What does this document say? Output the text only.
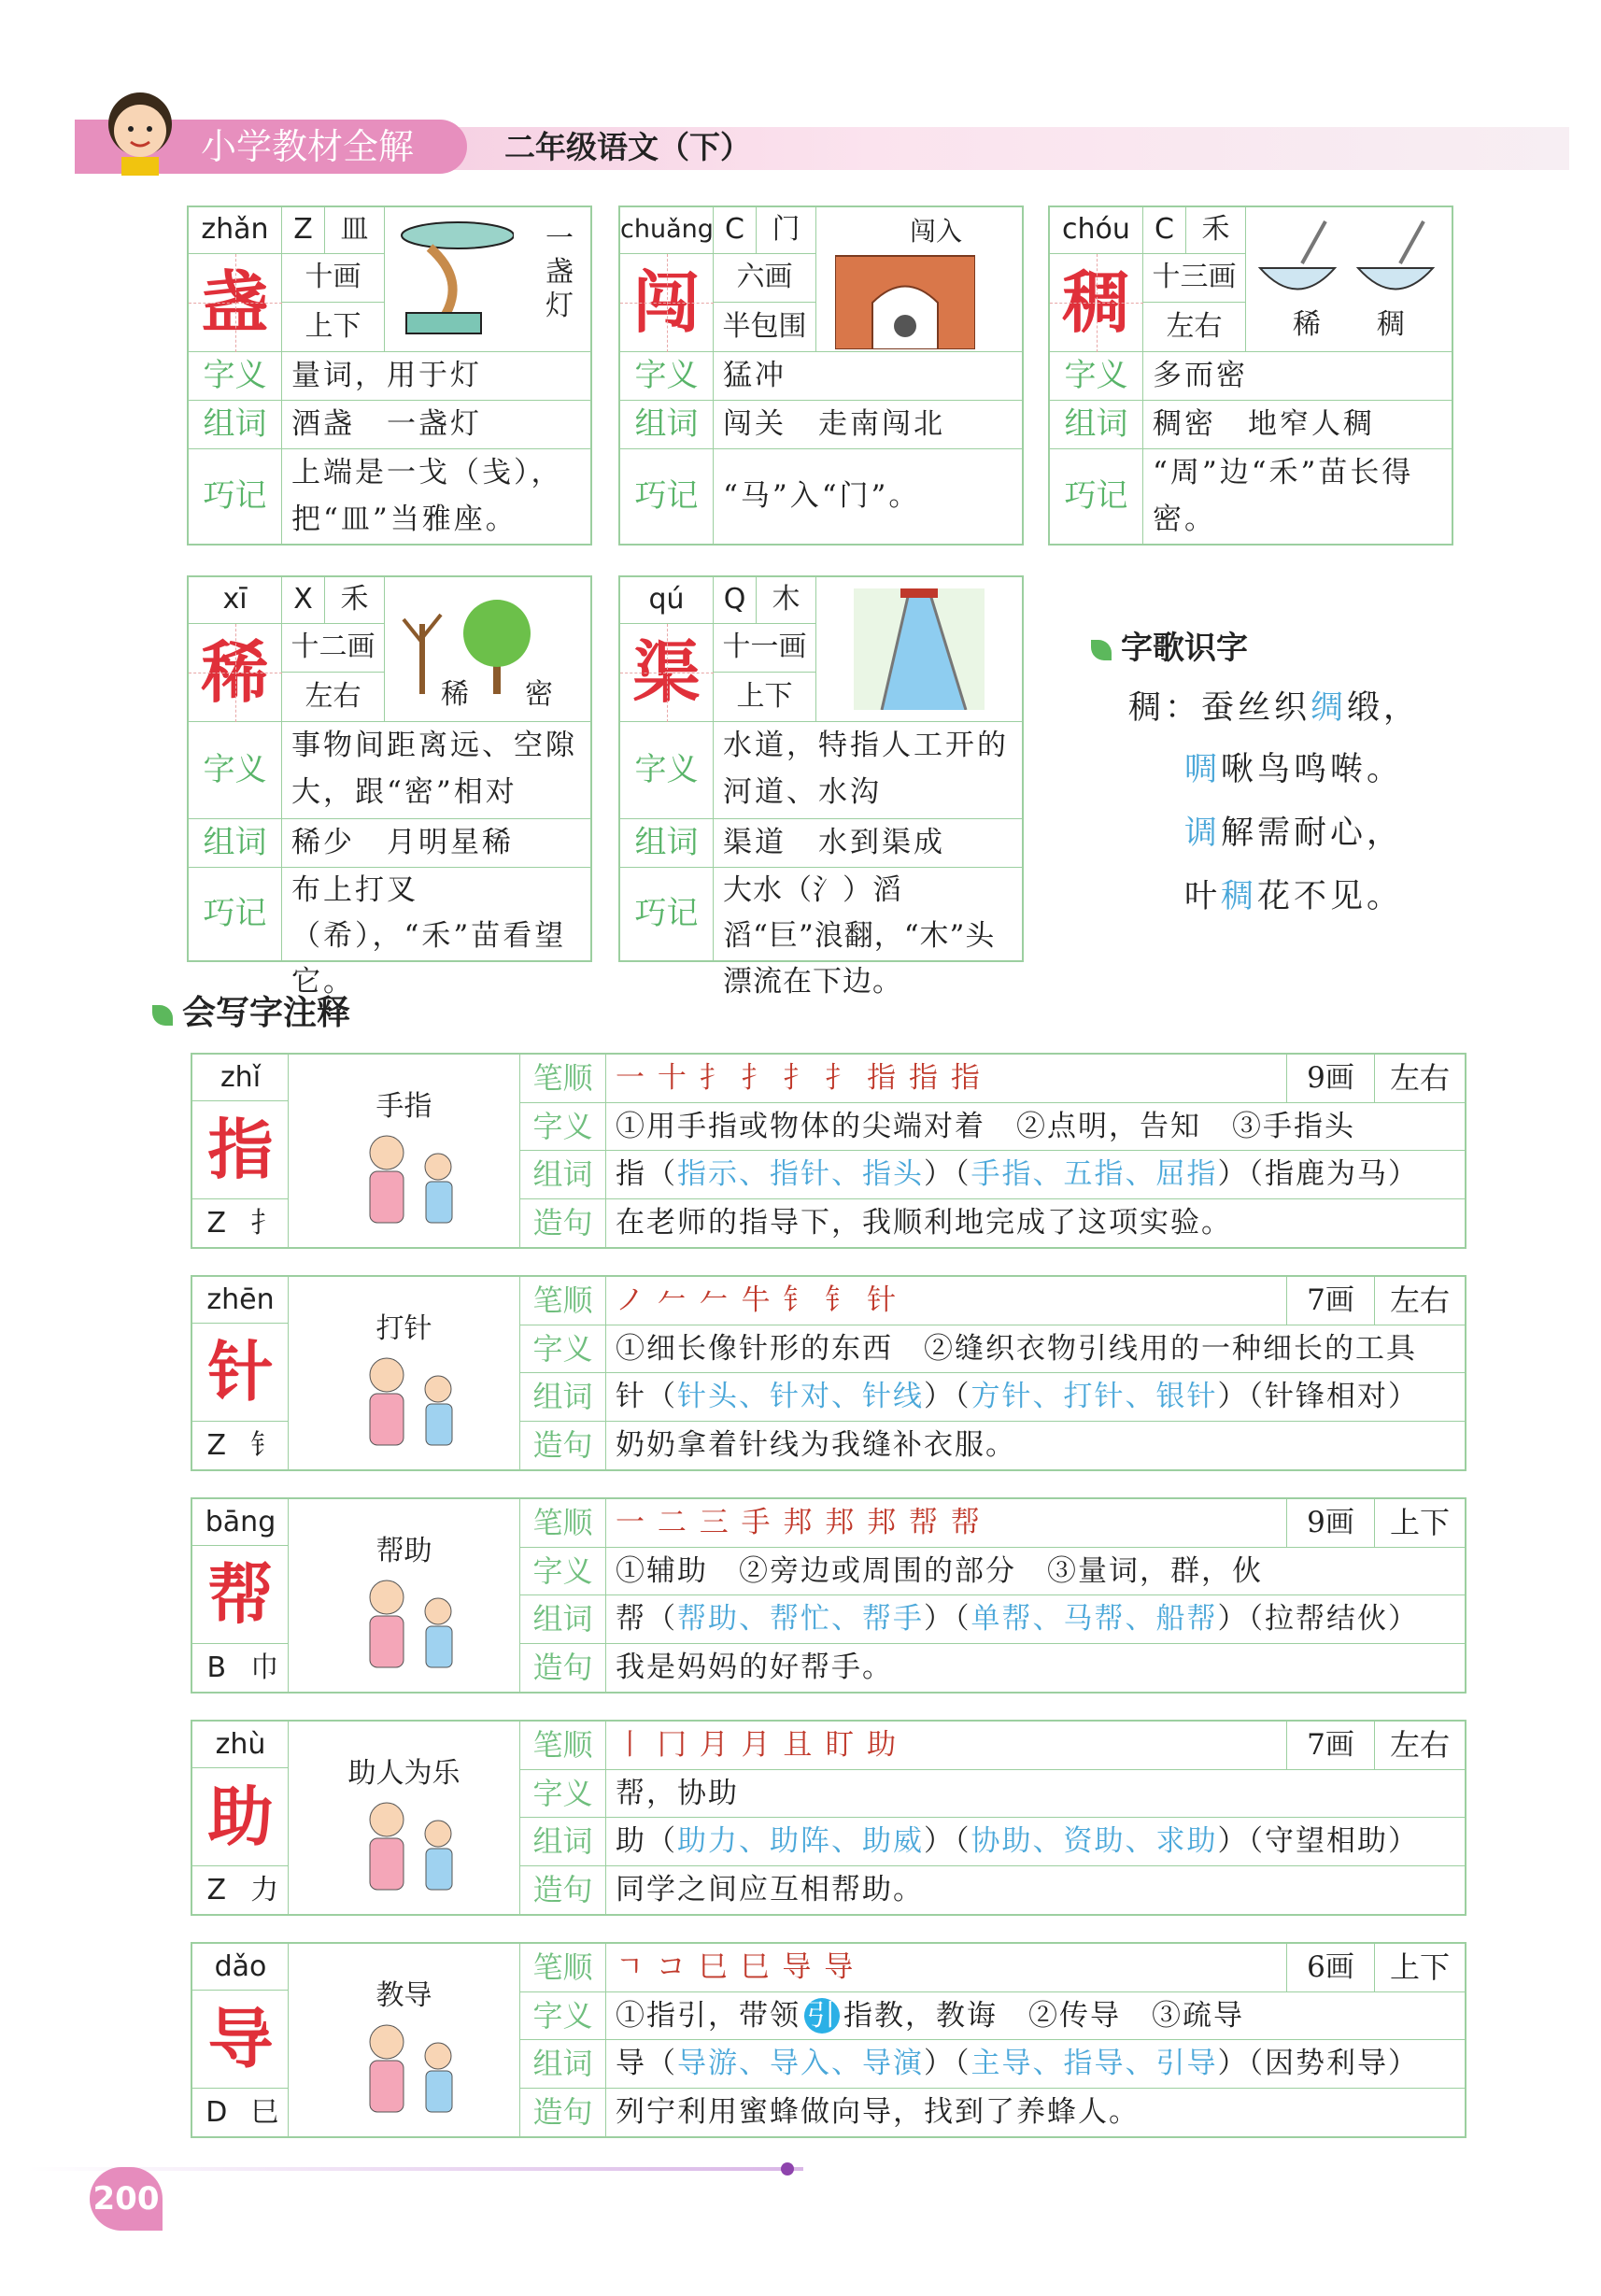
小学教材全解	二年级语文（下）
zhǎn Z 皿
盏	十画
上下
一盏灯
字义 量词，用于灯
组词 酒盏　一盏灯
巧记
上端是一戈（戋），把“皿”当雅座。
chuǎng C 门
闯	六画
半包围
闯入
字义 猛冲
组词 闯关　走南闯北
巧记 “马”入“门”。
chóu C 禾
稠 十三画
左右	稀　　稠
字义 多而密
组词 稠密　地窄人稠
巧记
“周”边“禾”苗长得密。
xī	X 禾
稀 十二画
左右	稀　　密
字义
事物间距离远、空隙大，跟“密”相对
组词 稀少　月明星稀
巧记
布上打叉（希），“禾”苗看望它。
qú	Q 木
渠 十一画
上下
字义
水道，特指人工开的河道、水沟
组词 渠道　水到渠成
巧记
大水（氵）滔滔“巨”浪翻，“木”头漂流在下边。
字歌识字
稠：蚕丝织绸缎，
啁啾鸟鸣啭。
调解需耐心，
叶稠花不见。
会写字注释
zhǐ
指
Z 扌
手指
笔顺 一 十 扌 扌 扌 扌 指 指 指	9画	左右
字义 ①用手指或物体的尖端对着　②点明，告知　③手指头
组词 指（指示、指针、指头）（手指、五指、屈指）（指鹿为马）
造句 在老师的指导下，我顺利地完成了这项实验。
zhēn
针
Z 钅
打针
笔顺 ノ 𠂉 𠂉 牛 钅 钅 针	7画	左右
字义 ①细长像针形的东西　②缝织衣物引线用的一种细长的工具
组词 针（针头、针对、针线）（方针、打针、银针）（针锋相对）
造句 奶奶拿着针线为我缝补衣服。
bāng
帮
B 巾
帮助
笔顺 一 二 三 手 邦 邦 邦 帮 帮	9画	上下
字义 ①辅助　②旁边或周围的部分　③量词，群，伙
组词 帮（帮助、帮忙、帮手）（单帮、马帮、船帮）（拉帮结伙）
造句 我是妈妈的好帮手。
zhù
助
Z 力
助人为乐
笔顺 丨 冂 月 月 且 盯 助	7画	左右
字义 帮，协助
组词 助（助力、助阵、助威）（协助、资助、求助）（守望相助）
造句 同学之间应互相帮助。
dǎo
导
D 巳
教导
笔顺 ㄱ コ 巳 巳 导 导	6画	上下
字义 ①指引，带领 引 指教，教诲　②传导　③疏导
组词 导（导游、导入、导演）（主导、指导、引导）（因势利导）
造句 列宁利用蜜蜂做向导，找到了养蜂人。
200
